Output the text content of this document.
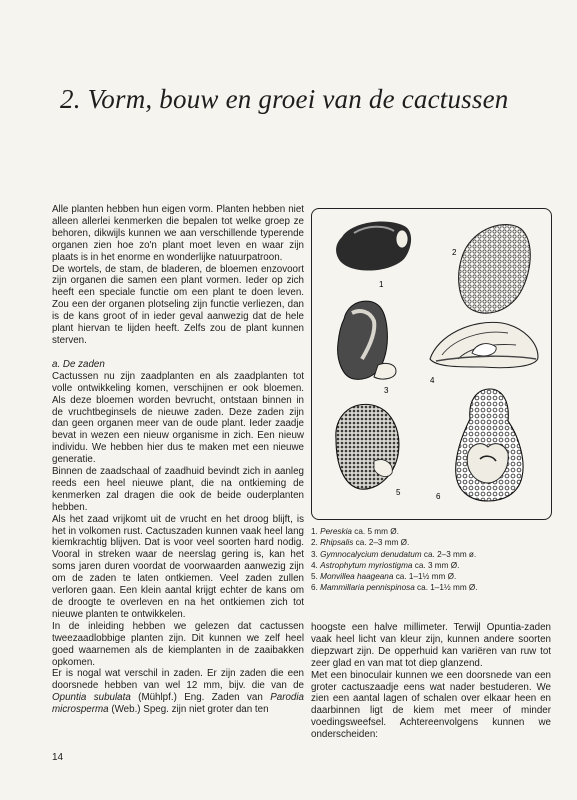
2. Vorm, bouw en groei van de cactussen

Alle planten hebben hun eigen vorm. Planten hebben niet alleen allerlei kenmerken die bepalen tot welke groep ze behoren, dikwijls kunnen we aan verschillende typerende organen zien hoe zo'n plant moet leven en waar zijn plaats is in het enorme en wonderlijke natuurpatroon.

De wortels, de stam, de bladeren, de bloemen enzovoort zijn organen die samen een plant vormen. Ieder op zich heeft een speciale functie om een plant te doen leven. Zou een der organen plotseling zijn functie verliezen, dan is de kans groot of in ieder geval aanwezig dat de hele plant hiervan te lijden heeft. Zelfs zou de plant kunnen sterven.

a. De zaden

Cactussen nu zijn zaadplanten en als zaadplanten tot volle ontwikkeling komen, verschijnen er ook bloemen. Als deze bloemen worden bevrucht, ontstaan binnen in de vruchtbeginsels de nieuwe zaden. Deze zaden zijn dan geen organen meer van de oude plant. Ieder zaadje bevat in wezen een nieuw organisme in zich. Een nieuw individu. We hebben hier dus te maken met een nieuwe generatie.

Binnen de zaadschaal of zaadhuid bevindt zich in aanleg reeds een heel nieuwe plant, die na ontkieming de kenmerken zal dragen die ook de beide ouderplanten hebben.

Als het zaad vrijkomt uit de vrucht en het droog blijft, is het in volkomen rust. Cactuszaden kunnen vaak heel lang kiemkrachtig blijven. Dat is voor veel soorten hard nodig. Vooral in streken waar de neerslag gering is, kan het soms jaren duren voordat de voorwaarden aanwezig zijn om de zaden te laten ontkiemen. Veel zaden zullen verloren gaan. Een klein aantal krijgt echter de kans om de droogte te overleven en na het ontkiemen zich tot nieuwe planten te ontwikkelen.

In de inleiding hebben we gelezen dat cactussen tweezaadlobbige planten zijn. Dit kunnen we zelf heel goed waarnemen als de kiemplanten in de zaaibakken opkomen.

Er is nogal wat verschil in zaden. Er zijn zaden die een doorsnede hebben van wel 12 mm, bijv. die van de Opuntia subulata (Mühlpf.) Eng. Zaden van Parodia microsperma (Web.) Speg. zijn niet groter dan ten

1
2
3
4
5	6
1. Pereskia ca. 5 mm Ø.
2. Rhipsalis ca. 2–3 mm Ø.
3. Gymnocalycium denudatum ca. 2–3 mm ø.
4. Astrophytum myriostigma ca. 3 mm Ø.
5. Monvillea haageana ca. 1–1½ mm Ø.
6. Mammillaria pennispinosa ca. 1–1½ mm Ø.

hoogste een halve millimeter. Terwijl Opuntia-zaden vaak heel licht van kleur zijn, kunnen andere soorten diepzwart zijn. De opperhuid kan variëren van ruw tot zeer glad en van mat tot diep glanzend.

Met een binoculair kunnen we een doorsnede van een groter cactuszaadje eens wat nader bestuderen. We zien een aantal lagen of schalen over elkaar heen en daarbinnen ligt de kiem met meer of minder voedingsweefsel. Achtereenvolgens kunnen we onderscheiden:

14
